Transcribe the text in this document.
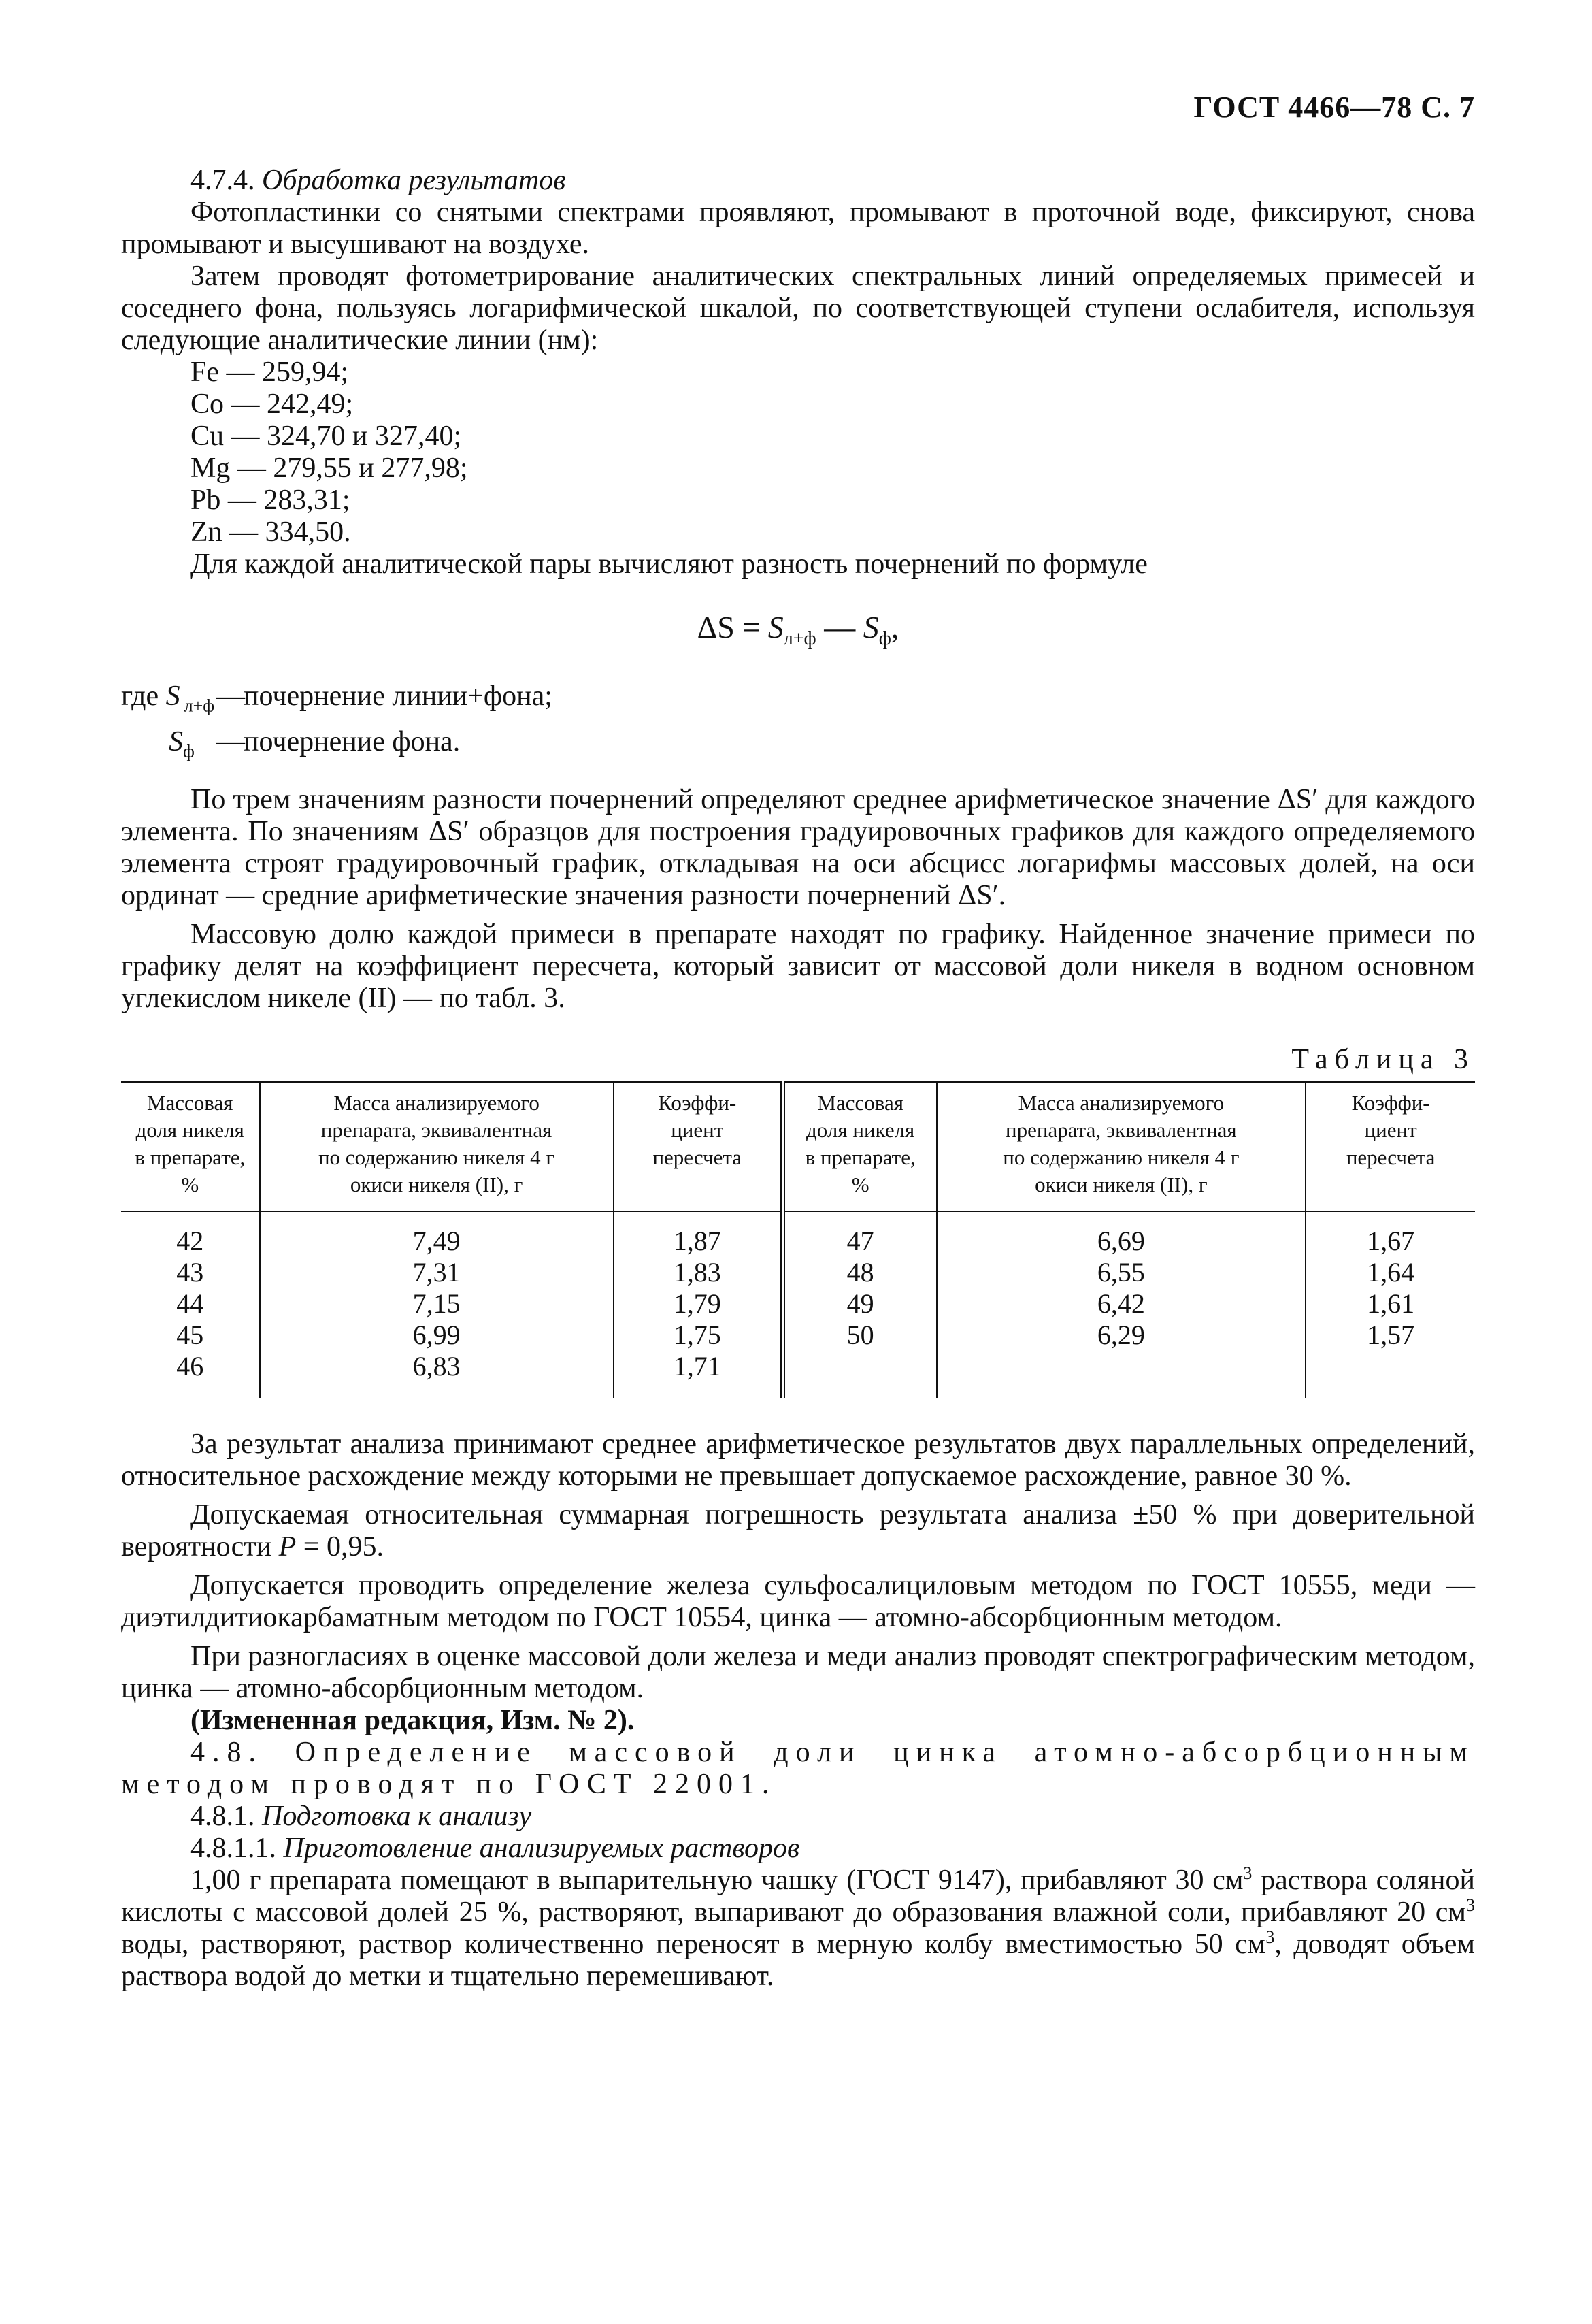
ГОСТ 4466—78 С. 7

4.7.4. Обработка результатов

Фотопластинки со снятыми спектрами проявляют, промывают в проточной воде, фиксируют, снова промывают и высушивают на воздухе.

Затем проводят фотометрирование аналитических спектральных линий определяемых примесей и соседнего фона, пользуясь логарифмической шкалой, по соответствующей ступени ослабителя, используя следующие аналитические линии (нм):

Fe — 259,94;

Co — 242,49;

Cu — 324,70 и 327,40;

Mg — 279,55 и 277,98;

Pb — 283,31;

Zn — 334,50.

Для каждой аналитической пары вычисляют разность почернений по формуле

$\Delta S = S_{л+ф}$ — $S_ф$,
где S $_{л+ф}$ —
почернение линии+фона;
$S_ф$ —
почернение фона.

По трем значениям разности почернений определяют среднее арифметическое значение ΔS′ для каждого элемента. По значениям ΔS′ образцов для построения градуировочных графиков для каждого определяемого элемента строят градуировочный график, откладывая на оси абсцисс логарифмы массовых долей, на оси ординат — средние арифметические значения разности почернений ΔS′.

Массовую долю каждой примеси в препарате находят по графику. Найденное значение примеси по графику делят на коэффициент пересчета, который зависит от массовой доли никеля в водном основном углекислом никеле (II) — по табл. 3.

Таблица 3
Массовая
доля никеля
в препарате,
%	Масса анализируемого
препарата, эквивалентная
по содержанию никеля 4 г
окиси никеля (II), г	Коэффи-
циент
пересчета	Массовая
доля никеля
в препарате,
%	Масса анализируемого
препарата, эквивалентная
по содержанию никеля 4 г
окиси никеля (II), г	Коэффи-
циент
пересчета
42	7,49	1,87	47	6,69	1,67
43	7,31	1,83	48	6,55	1,64
44	7,15	1,79	49	6,42	1,61
45	6,99	1,75	50	6,29	1,57
46	6,83	1,71			

За результат анализа принимают среднее арифметическое результатов двух параллельных определений, относительное расхождение между которыми не превышает допускаемое расхождение, равное 30 %.

Допускаемая относительная суммарная погрешность результата анализа ±50 % при доверительной вероятности P = 0,95.

Допускается проводить определение железа сульфосалициловым методом по ГОСТ 10555, меди — диэтилдитиокарбаматным методом по ГОСТ 10554, цинка — атомно-абсорбционным методом.

При разногласиях в оценке массовой доли железа и меди анализ проводят спектрографическим методом, цинка — атомно-абсорбционным методом.

(Измененная редакция, Изм. № 2).

4.8. Определение массовой доли цинка атомно-абсорбционным методом проводят по ГОСТ 22001.

4.8.1. Подготовка к анализу

4.8.1.1. Приготовление анализируемых растворов

1,00 г препарата помещают в выпарительную чашку (ГОСТ 9147), прибавляют 30 $см^3$ раствора соляной кислоты с массовой долей 25 %, растворяют, выпаривают до образования влажной соли, прибавляют 20 $см^3$ воды, растворяют, раствор количественно переносят в мерную колбу вместимостью 50 $см^3$, доводят объем раствора водой до метки и тщательно перемешивают.
